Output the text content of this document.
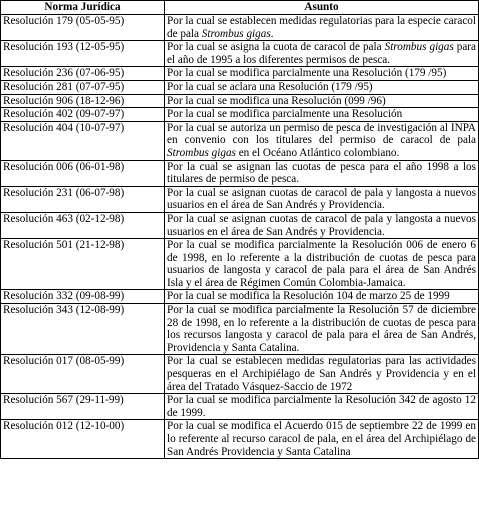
Norma Jurídica	Asunto
Resolución 179 (05-05-95)	Por la cual se establecen medidas regulatorias para la especie caracol de pala Strombus gigas.
Resolución 193 (12-05-95)	Por la cual se asigna la cuota de caracol de pala Strombus gigas para el año de 1995 a los diferentes permisos de pesca.
Resolución 236 (07-06-95)	Por la cual se modifica parcialmente una Resolución (179 /95)
Resolución 281 (07-07-95)	Por la cual se aclara una Resolución (179 /95)
Resolución 906 (18-12-96)	Por la cual se modifica una Resolución (099 /96)
Resolución 402 (09-07-97)	Por la cual se modifica parcialmente una Resolución
Resolución 404 (10-07-97)	Por la cual se autoriza un permiso de pesca de investigación al INPA en convenio con los titulares del permiso de caracol de pala Strombus gigas en el Océano Atlántico colombiano.
Resolución 006 (06-01-98)	Por la cual se asignan las cuotas de pesca para el año 1998 a los titulares de permiso de pesca.
Resolución 231 (06-07-98)	Por la cual se asignan cuotas de caracol de pala y langosta a nuevos usuarios en el área de San Andrés y Providencia.
Resolución 463 (02-12-98)	Por la cual se asignan cuotas de caracol de pala y langosta a nuevos usuarios en el área de San Andrés y Providencia.
Resolución 501 (21-12-98)	Por la cual se modifica parcialmente la Resolución 006 de enero 6 de 1998, en lo referente a la distribución de cuotas de pesca para usuarios de langosta y caracol de pala para el área de San Andrés Isla y el área de Régimen Común Colombia-Jamaica.
Resolución 332 (09-08-99)	Por la cual se modifica la Resolución 104 de marzo 25 de 1999
Resolución 343 (12-08-99)	Por la cual se modifica parcialmente la Resolución 57 de diciembre 28 de 1998, en lo referente a la distribución de cuotas de pesca para los recursos langosta y caracol de pala para el área de San Andrés, Providencia y Santa Catalina.
Resolución 017 (08-05-99)	Por la cual se establecen medidas regulatorias para las actividades pesqueras en el Archipiélago de San Andrés y Providencia y en el área del Tratado Vásquez-Saccio de 1972
Resolución 567 (29-11-99)	Por la cual se modifica parcialmente la Resolución 342 de agosto 12 de 1999.
Resolución 012 (12-10-00)	Por la cual se modifica el Acuerdo 015 de septiembre 22 de 1999 en lo referente al recurso caracol de pala, en el área del Archipiélago de San Andrés Providencia y Santa Catalina
